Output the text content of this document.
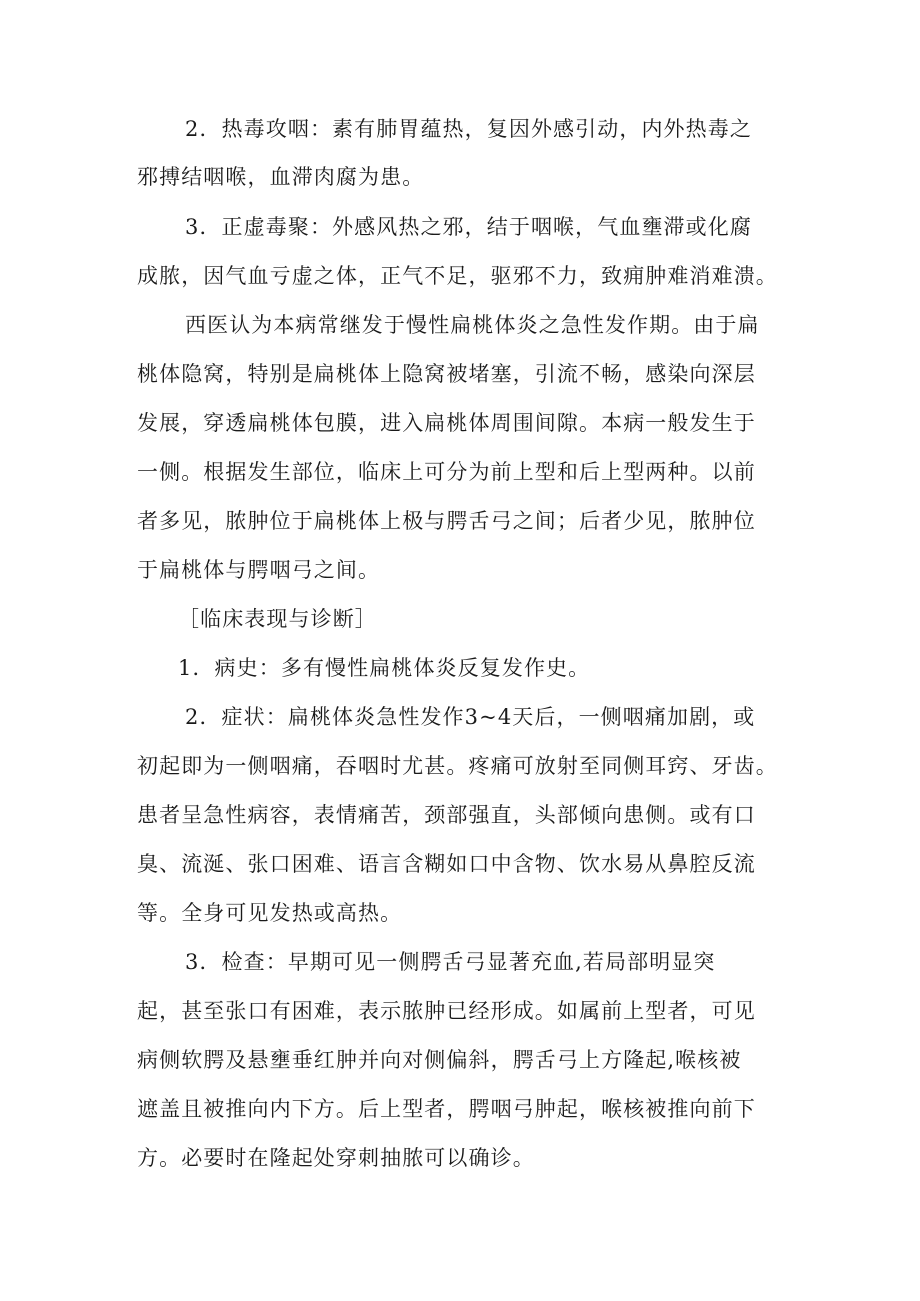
2．热毒攻咽：素有肺胃蕴热，复因外感引动，内外热毒之
邪搏结咽喉，血滞肉腐为患。
3．正虚毒聚：外感风热之邪，结于咽喉，气血壅滞或化腐
成脓，因气血亏虚之体，正气不足，驱邪不力，致痈肿难消难溃。
西医认为本病常继发于慢性扁桃体炎之急性发作期。由于扁
桃体隐窝，特别是扁桃体上隐窝被堵塞，引流不畅，感染向深层
发展，穿透扁桃体包膜，进入扁桃体周围间隙。本病一般发生于
一侧。根据发生部位，临床上可分为前上型和后上型两种。以前
者多见，脓肿位于扁桃体上极与腭舌弓之间；后者少见，脓肿位
于扁桃体与腭咽弓之间。
［临床表现与诊断］
1．病史：多有慢性扁桃体炎反复发作史。
2．症状：扁桃体炎急性发作3~4天后，一侧咽痛加剧，或
初起即为一侧咽痛，吞咽时尤甚。疼痛可放射至同侧耳窍、牙齿。
患者呈急性病容，表情痛苦，颈部强直，头部倾向患侧。或有口
臭、流涎、张口困难、语言含糊如口中含物、饮水易从鼻腔反流
等。全身可见发热或高热。
3．检查：早期可见一侧腭舌弓显著充血,若局部明显突
起，甚至张口有困难，表示脓肿已经形成。如属前上型者，可见
病侧软腭及悬壅垂红肿并向对侧偏斜，腭舌弓上方隆起,喉核被
遮盖且被推向内下方。后上型者，腭咽弓肿起，喉核被推向前下
方。必要时在隆起处穿刺抽脓可以确诊。
